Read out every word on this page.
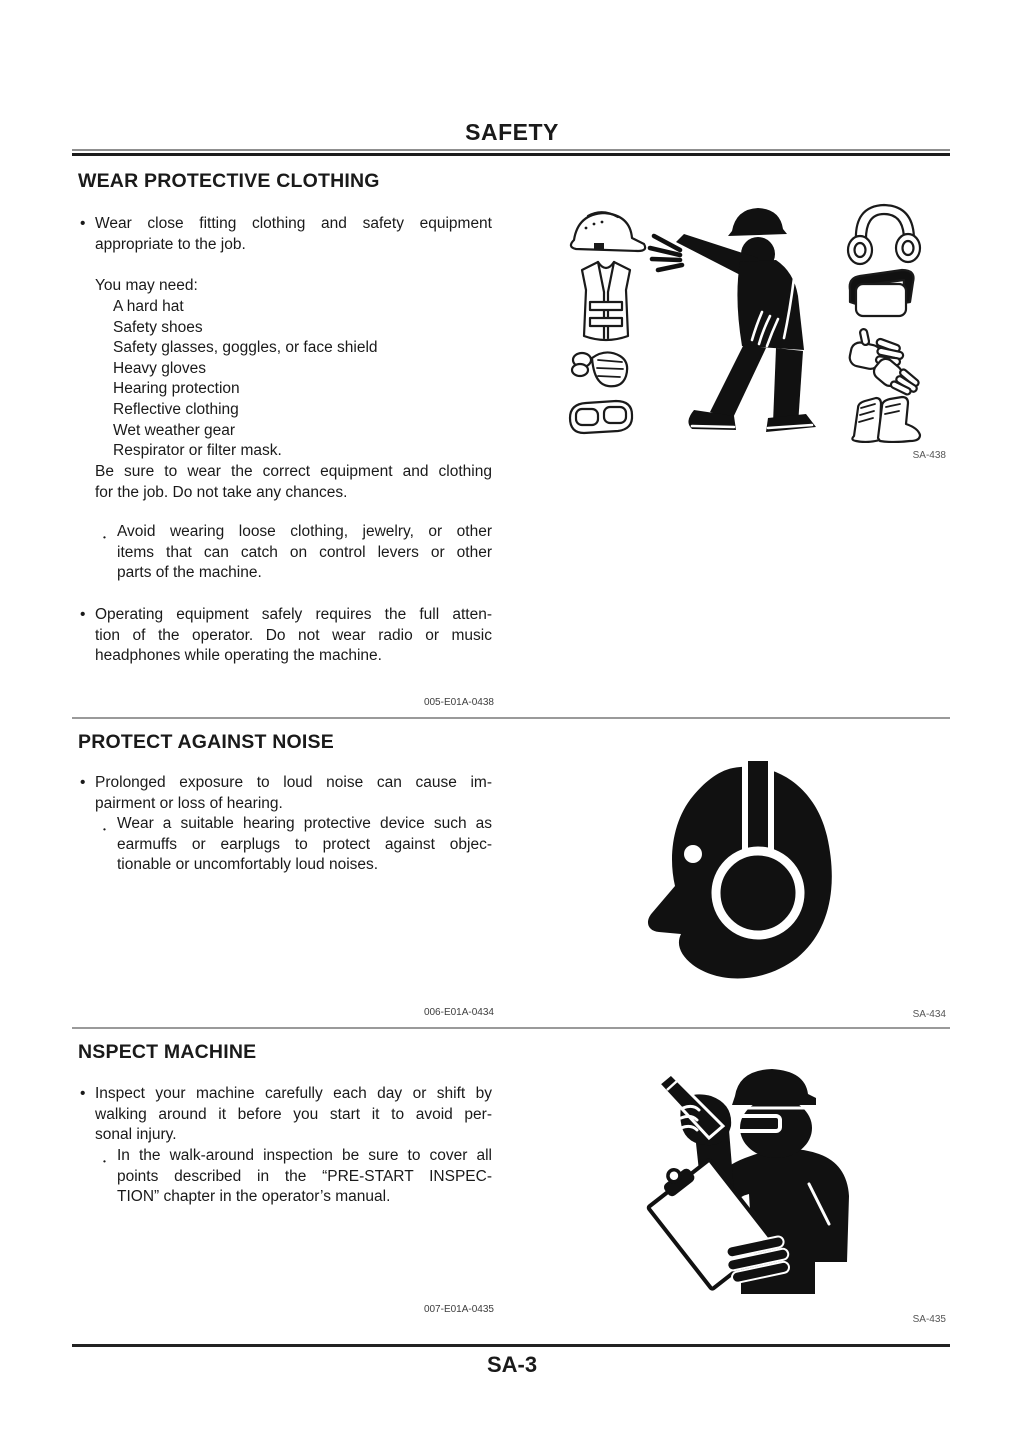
SAFETY
WEAR PROTECTIVE CLOTHING
• Wear close fitting clothing and safety equipment
appropriate to the job.
You may need:
A hard hat
Safety shoes
Safety glasses, goggles, or face shield
Heavy gloves
Hearing protection
Reflective clothing
Wet weather gear
Respirator or filter mask.
Be sure to wear the correct equipment and clothing
for the job. Do not take any chances.
• Avoid wearing loose clothing, jewelry, or other
items that can catch on control levers or other
parts of the machine.
• Operating equipment safely requires the full atten-
tion of the operator. Do not wear radio or music
headphones while operating the machine.
005-E01A-0438
SA-438
PROTECT AGAINST NOISE
• Prolonged exposure to loud noise can cause im-
pairment or loss of hearing.
• Wear a suitable hearing protective device such as
earmuffs or earplugs to protect against objec-
tionable or uncomfortably loud noises.
006-E01A-0434	SA-434
NSPECT MACHINE
• Inspect your machine carefully each day or shift by
walking around it before you start it to avoid per-
sonal injury.
• In the walk-around inspection be sure to cover all
points described in the “PRE-START INSPEC-
TION” chapter in the operator’s manual.
007-E01A-0435
SA-435
SA-3
